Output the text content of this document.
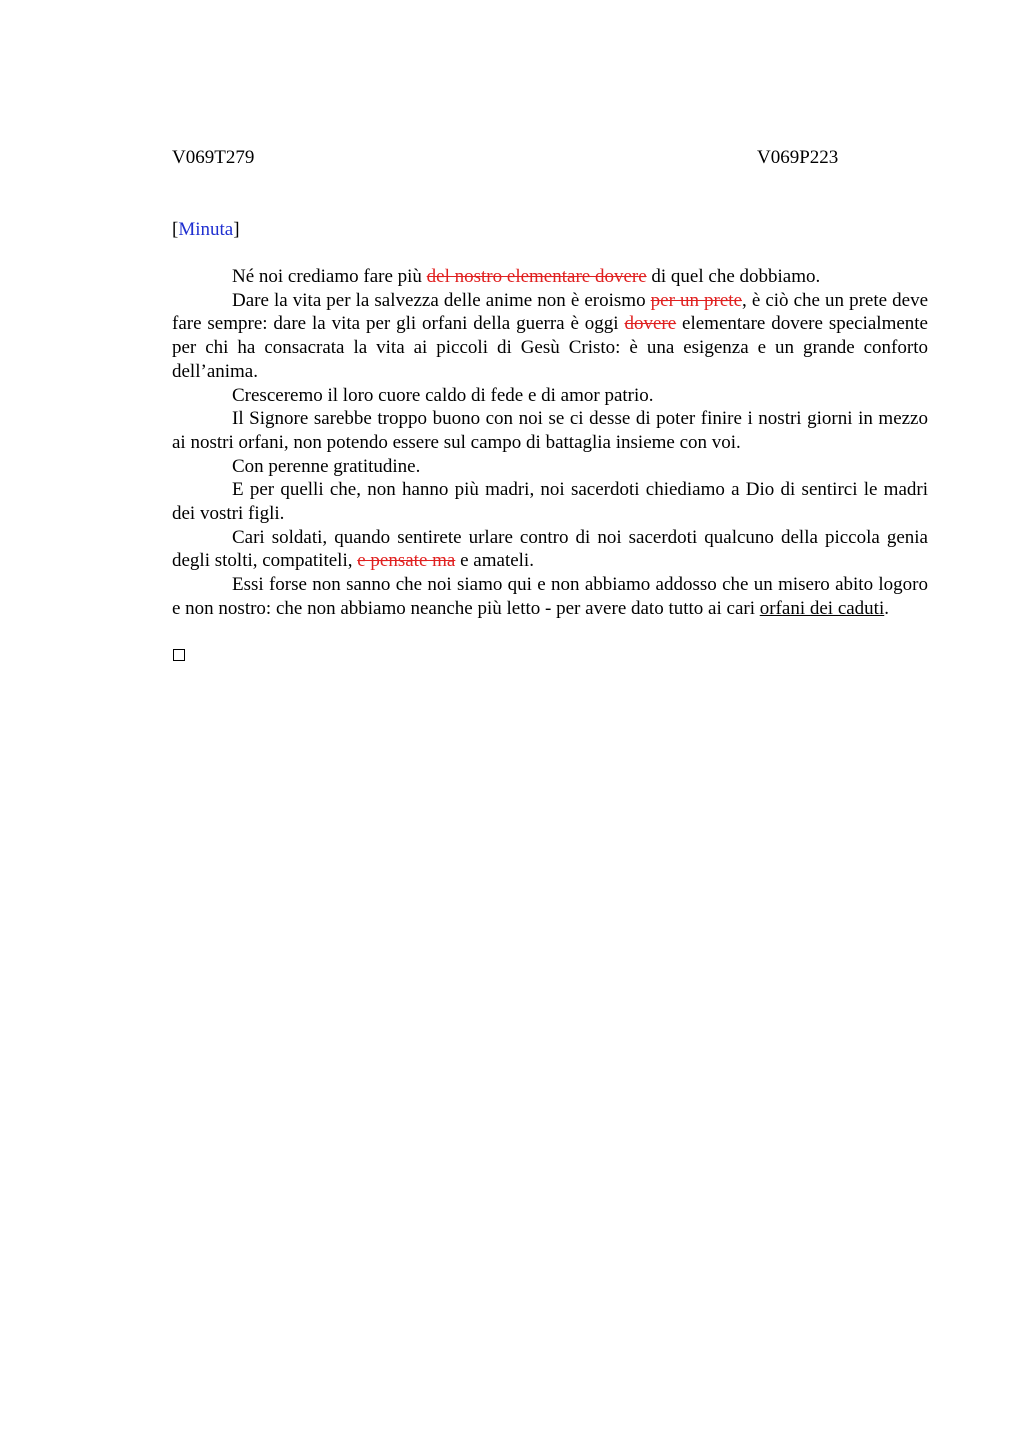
V069T279	V069P223
[Minuta]

Né noi crediamo fare più del nostro elementare dovere di quel che dobbiamo.

Dare la vita per la salvezza delle anime non è eroismo per un prete, è ciò che un prete deve fare sempre: dare la vita per gli orfani della guerra è oggi dovere elementare dovere specialmente per chi ha consacrata la vita ai piccoli di Gesù Cristo: è una esigenza e un grande conforto dell’anima.

Cresceremo il loro cuore caldo di fede e di amor patrio.

Il Signore sarebbe troppo buono con noi se ci desse di poter finire i nostri giorni in mezzo ai nostri orfani, non potendo essere sul campo di battaglia insieme con voi.

Con perenne gratitudine.

E per quelli che, non hanno più madri, noi sacerdoti chiediamo a Dio di sentirci le madri dei vostri figli.

Cari soldati, quando sentirete urlare contro di noi sacerdoti qualcuno della piccola genia degli stolti, compatiteli, e pensate ma e amateli.

Essi forse non sanno che noi siamo qui e non abbiamo addosso che un misero abito logoro e non nostro: che non abbiamo neanche più letto - per avere dato tutto ai cari orfani dei caduti.
